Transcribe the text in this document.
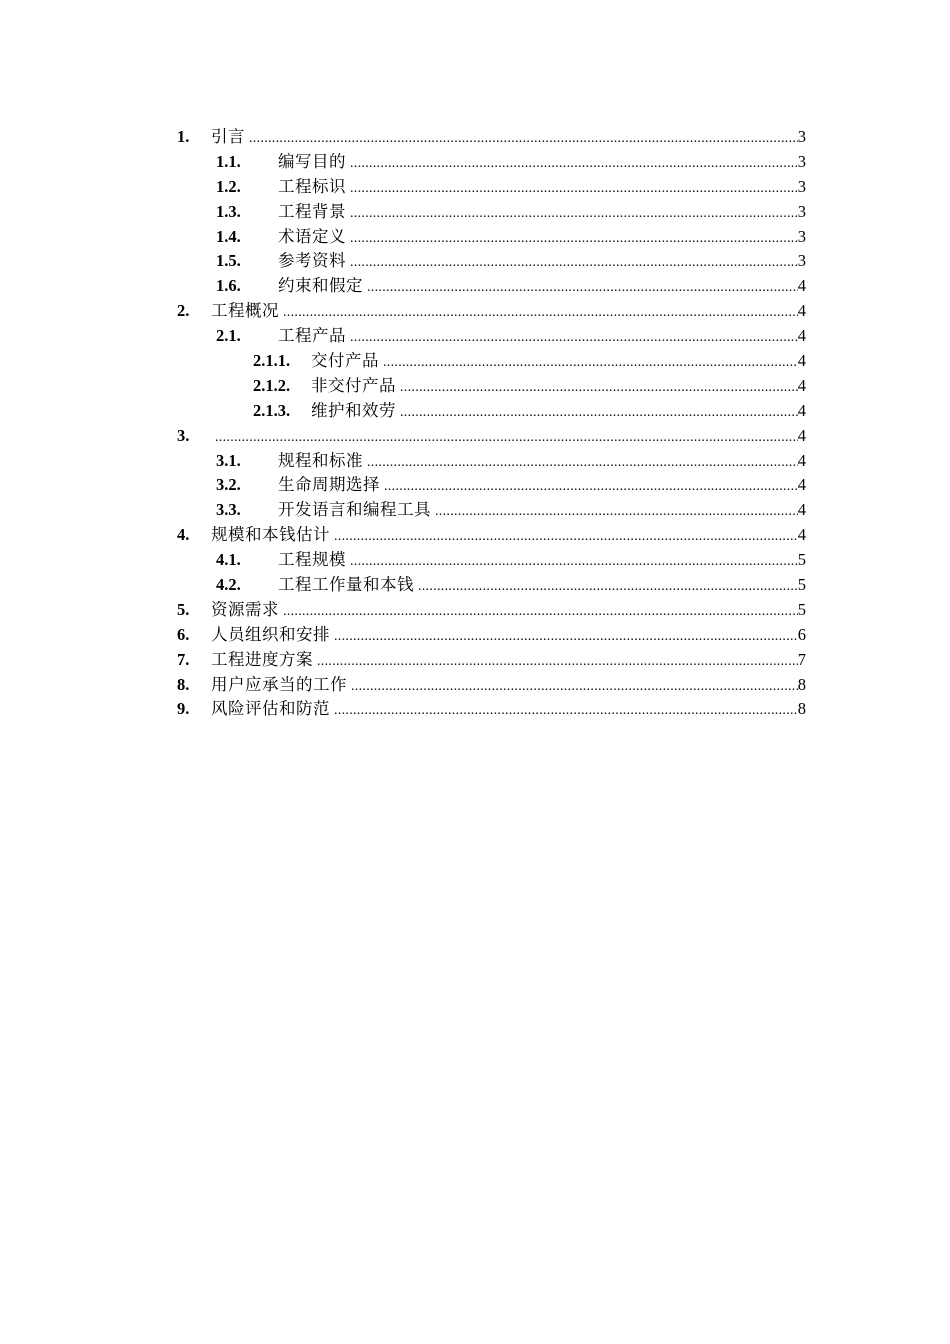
1. 引言 .....	3
1.1. 编写目的 .....	3
1.2. 工程标识 .....	3
1.3. 工程背景 .....	3
1.4. 术语定义 .....	3
1.5. 参考资料 .....	3
1.6. 约束和假定 .....	4
2. 工程概况 .....	4
2.1. 工程产品 .....	4
2.1.1. 交付产品 .....	4
2.1.2. 非交付产品 .....	4
2.1.3. 维护和效劳 .....	4
3. .....	4
3.1. 规程和标准 .....	4
3.2. 生命周期选择 .....	4
3.3. 开发语言和编程工具 .....	4
4. 规模和本钱估计 .....	4
4.1. 工程规模 .....	5
4.2. 工程工作量和本钱 .....	5
5. 资源需求 .....	5
6. 人员组织和安排 .....	6
7. 工程进度方案 .....	7
8. 用户应承当的工作 .....	8
9. 风险评估和防范 .....	8
